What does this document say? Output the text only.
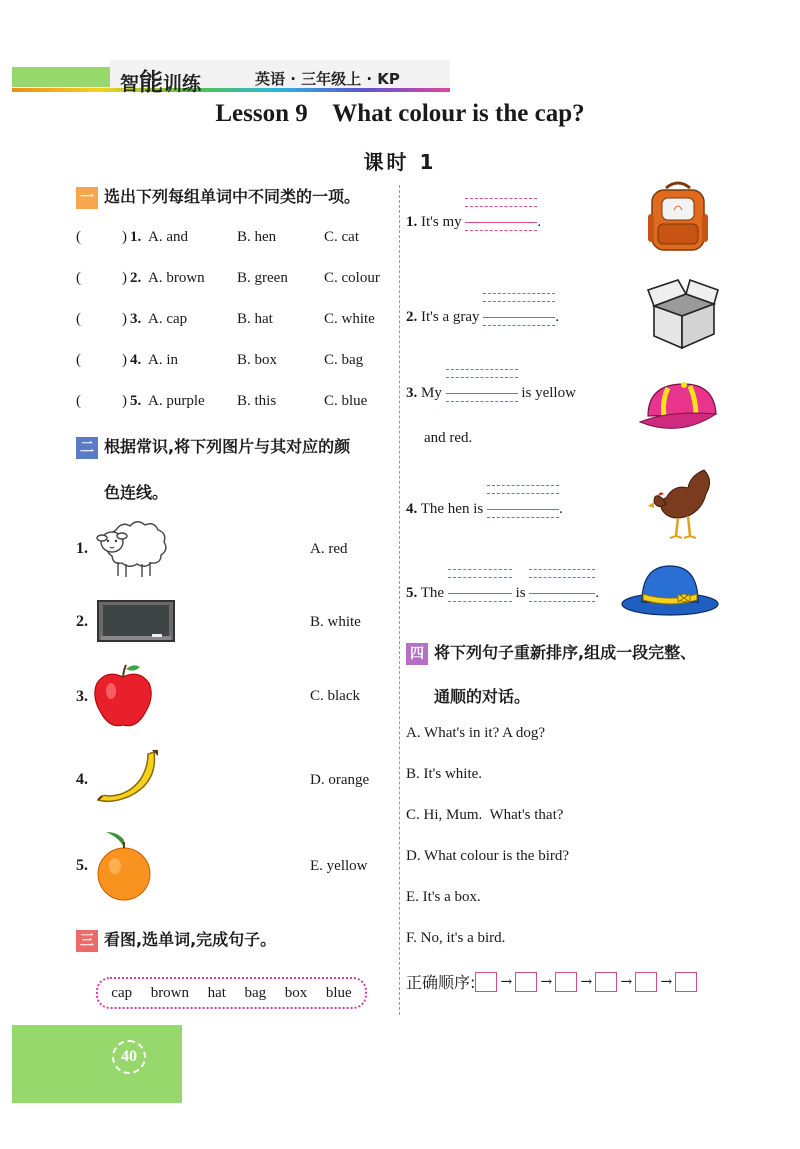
智能训练	英语 · 三年级上 · KP
Lesson 9    What colour is the cap?
课时 1
一 选出下列每组单词中不同类的一项。
(	) 1. A. and	B. hen	C. cat
(	) 2. A. brown B. green C. colour
(	) 3. A. cap	B. hat	C. white
(	) 4. A. in	B. box	C. bag
(	) 5. A. purple B. this	C. blue
二 根据常识,将下列图片与其对应的颜
色连线。
1.
2.
3.
4.
5.
A. red
B. white
C. black
D. orange
E. yellow
三 看图,选单词,完成句子。
cap brown hat bag box blue
1. It's my	.
2. It's a gray	.
3. My	is yellow
and red.
4. The hen is	.
5. The	is	.
四 将下列句子重新排序,组成一段完整、
通顺的对话。
A. What's in it? A dog?
B. It's white.
C. Hi, Mum.  What's that?
D. What colour is the bird?
E. It's a box.
F. No, it's a bird.
正确顺序: → → → → →
40
